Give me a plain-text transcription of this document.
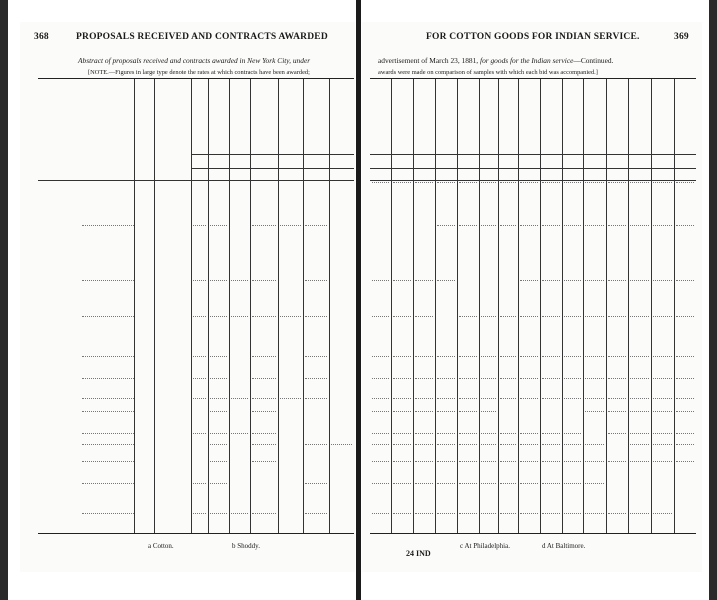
368	PROPOSALS RECEIVED AND CONTRACTS AWARDED
Abstract of proposals received and contracts awarded in New York City, under
[NOTE.—Figures in large type denote the rates at which contracts have been awarded;
a Cotton.	b Shoddy.
FOR COTTON GOODS FOR INDIAN SERVICE.	369
advertisement of March 23, 1881, for goods for the Indian service—Continued.
awards were made on comparison of samples with which each bid was accompanied.]
24 IND
c At Philadelphia.	d At Baltimore.
